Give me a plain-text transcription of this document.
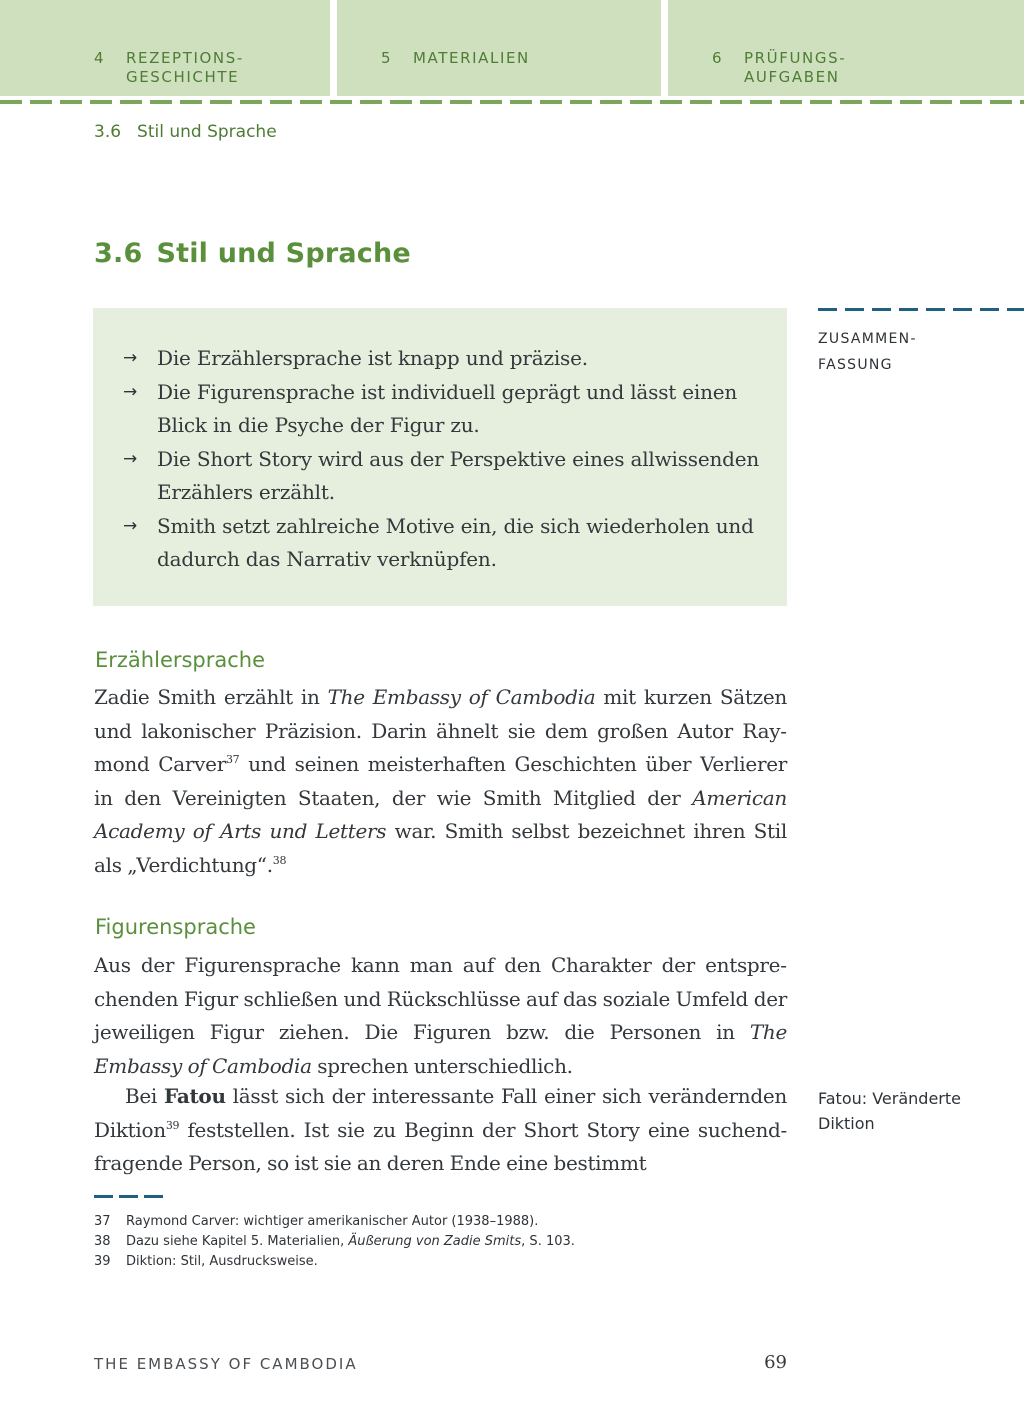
4 REZEPTIONS-
GESCHICHTE
5 MATERIALIEN	6 PRÜFUNGS-
AUFGABEN
3.6 Stil und Sprache
3.6 Stil und Sprache
ZUSAMMEN-
FASSUNG
→ Die Erzählersprache ist knapp und präzise.
→ Die Figurensprache ist individuell geprägt und lässt einen Blick in die Psyche der Figur zu.
→ Die Short Story wird aus der Perspektive eines allwissenden Erzählers erzählt.
→ Smith setzt zahlreiche Motive ein, die sich wiederholen und dadurch das Narrativ verknüpfen.
Erzählersprache

Zadie Smith erzählt in The Embassy of Cambodia mit kurzen Sätzen und lakonischer Präzision. Darin ähnelt sie dem großen Autor Raymond Carver$^{37}$ und seinen meisterhaften Geschichten über Verlierer in den Vereinigten Staaten, der wie Smith Mitglied der American Academy of Arts und Letters war. Smith selbst bezeichnet ihren Stil als „Verdichtung“.$^{38}$

Figurensprache

Aus der Figurensprache kann man auf den Charakter der entsprechenden Figur schließen und Rückschlüsse auf das soziale Umfeld der jeweiligen Figur ziehen. Die Figuren bzw. die Personen in The Embassy of Cambodia sprechen unterschiedlich.

Bei Fatou lässt sich der interessante Fall einer sich verändernden Diktion$^{39}$ feststellen. Ist sie zu Beginn der Short Story eine suchend-fragende Person, so ist sie an deren Ende eine bestimmt

Fatou: Veränderte Diktion
37	Raymond Carver: wichtiger amerikanischer Autor (1938–1988).
38	Dazu siehe Kapitel 5. Materialien, Äußerung von Zadie Smits, S. 103.
39	Diktion: Stil, Ausdrucksweise.
THE EMBASSY OF CAMBODIA	69
